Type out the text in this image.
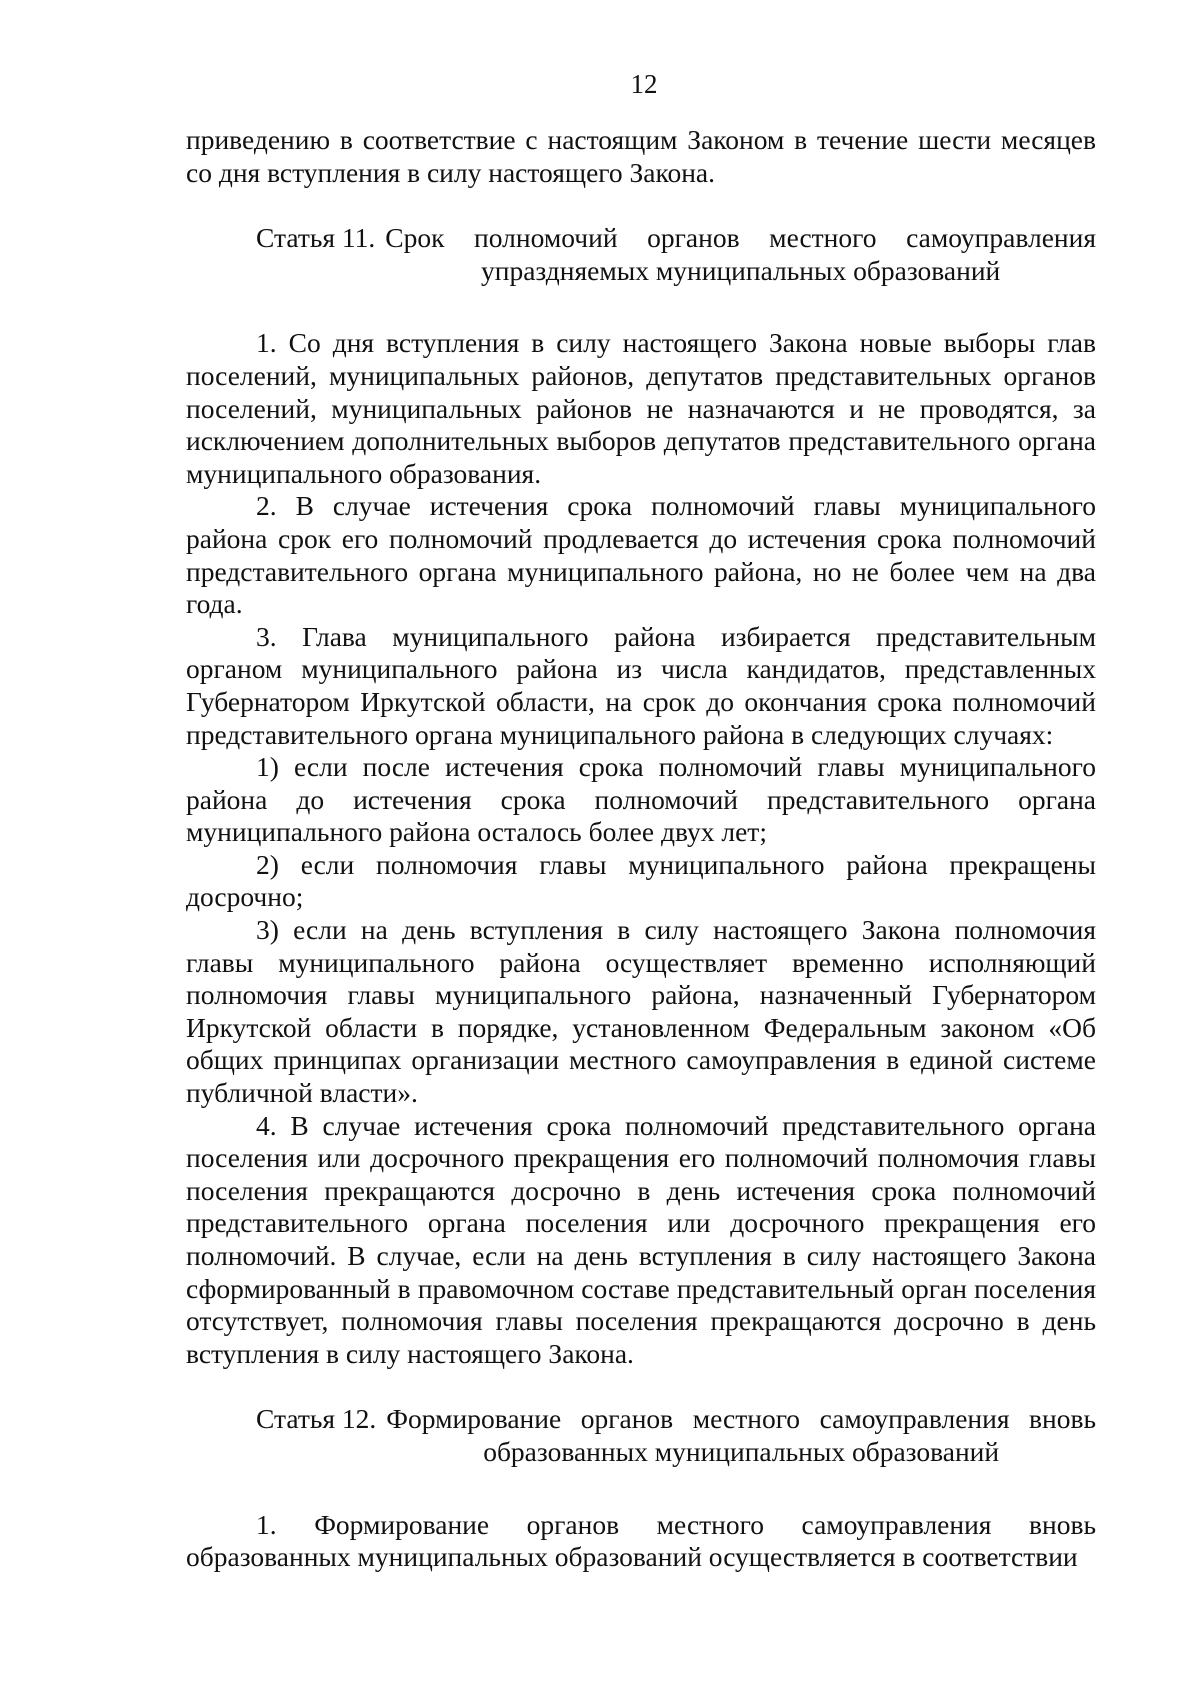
12

приведению в соответствие с настоящим Законом в течение шести месяцев со дня вступления в силу настоящего Закона.

Статья 11. Срок полномочий органов местного самоуправления упраздняемых муниципальных образований

1. Со дня вступления в силу настоящего Закона новые выборы глав поселений, муниципальных районов, депутатов представительных органов поселений, муниципальных районов не назначаются и не проводятся, за исключением дополнительных выборов депутатов представительного органа муниципального образования.

2. В случае истечения срока полномочий главы муниципального района срок его полномочий продлевается до истечения срока полномочий представительного органа муниципального района, но не более чем на два года.

3. Глава муниципального района избирается представительным органом муниципального района из числа кандидатов, представленных Губернатором Иркутской области, на срок до окончания срока полномочий представительного органа муниципального района в следующих случаях:

1) если после истечения срока полномочий главы муниципального района до истечения срока полномочий представительного органа муниципального района осталось более двух лет;

2) если полномочия главы муниципального района прекращены досрочно;

3) если на день вступления в силу настоящего Закона полномочия главы муниципального района осуществляет временно исполняющий полномочия главы муниципального района, назначенный Губернатором Иркутской области в порядке, установленном Федеральным законом «Об общих принципах организации местного самоуправления в единой системе публичной власти».

4. В случае истечения срока полномочий представительного органа поселения или досрочного прекращения его полномочий полномочия главы поселения прекращаются досрочно в день истечения срока полномочий представительного органа поселения или досрочного прекращения его полномочий. В случае, если на день вступления в силу настоящего Закона сформированный в правомочном составе представительный орган поселения отсутствует, полномочия главы поселения прекращаются досрочно в день вступления в силу настоящего Закона.

Статья 12. Формирование органов местного самоуправления вновь образованных муниципальных образований

1. Формирование органов местного самоуправления вновь образованных муниципальных образований осуществляется в соответствии
